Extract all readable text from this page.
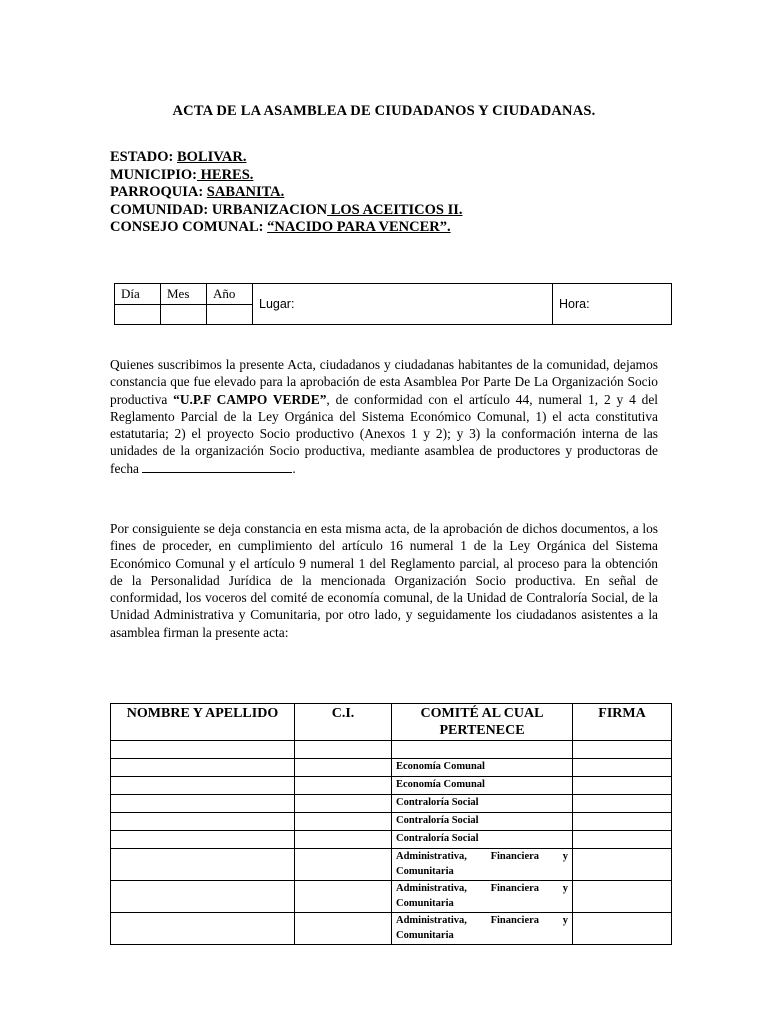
ACTA DE LA ASAMBLEA DE CIUDADANOS Y CIUDADANAS.
ESTADO: BOLIVAR.
MUNICIPIO: HERES.
PARROQUIA: SABANITA.
COMUNIDAD: URBANIZACION LOS ACEITICOS II.
CONSEJO COMUNAL: “NACIDO PARA VENCER”.
Día	Mes	Año	Lugar:	Hora:

Quienes suscribimos la presente Acta, ciudadanos y ciudadanas habitantes de la comunidad, dejamos constancia que fue elevado para la aprobación de esta Asamblea Por Parte De La Organización Socio productiva “U.P.F CAMPO VERDE”, de conformidad con el artículo 44, numeral 1, 2 y 4 del Reglamento Parcial de la Ley Orgánica del Sistema Económico Comunal, 1) el acta constitutiva estatutaria; 2) el proyecto Socio productivo (Anexos 1 y 2); y 3) la conformación interna de las unidades de la organización Socio productiva, mediante asamblea de productores y productoras de fecha	.

Por consiguiente se deja constancia en esta misma acta, de la aprobación de dichos documentos, a los fines de proceder, en cumplimiento del artículo 16 numeral 1 de la Ley Orgánica del Sistema Económico Comunal y el artículo 9 numeral 1 del Reglamento parcial, al proceso para la obtención de la Personalidad Jurídica de la mencionada Organización Socio productiva. En señal de conformidad, los voceros del comité de economía comunal, de la Unidad de Contraloría Social, de la Unidad Administrativa y Comunitaria, por otro lado, y seguidamente los ciudadanos asistentes a la asamblea firman la presente acta:

NOMBRE Y APELLIDO	C.I.	COMITÉ AL CUAL PERTENECE	FIRMA

		Economía Comunal	
		Economía Comunal	
		Contraloría Social	
		Contraloría Social	
		Contraloría Social	
		Administrativa, Financiera y Comunitaria	
		Administrativa, Financiera y Comunitaria	
		Administrativa, Financiera y Comunitaria	
